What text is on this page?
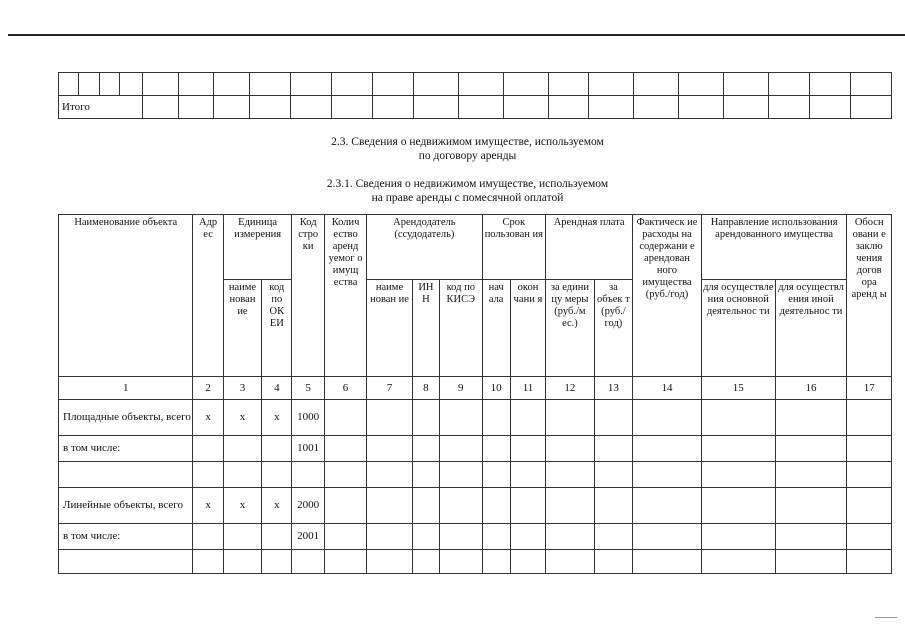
Итого																					
2.3. Сведения о недвижимом имуществе, используемом
по договору аренды
2.3.1. Сведения о недвижимом имуществе, используемом
на праве аренды с помесячной оплатой
Наименование объекта	Адр ес	Единица измерения		Код стро ки	Колич ество аренд уемог о имущ ества	Арендодатель (ссудодатель)			Срок пользован ия		Арендная плата		Фактическ ие расходы на содержани е арендован ного имущества (руб./год)	Направление использования арендованного имущества		Обосн овани е заклю чения догов ора аренд ы
		наиме нован ие	код по ОК ЕИ			наиме нован ие	ИН Н	код по КИСЭ	нач ала	окон чани я	за едини цу меры (руб./м ес.)	за объек т (руб./ год)		для осуществле ния основной деятельнос ти	для осуществл ения иной деятельнос ти	
1	2	3	4	5	6	7	8	9	10	11	12	13	14	15	16	17
Площадные объекты, всего	х	х	х	1000												
в том числе:				1001												

Линейные объекты, всего	х	х	х	2000												
в том числе:				2001												
